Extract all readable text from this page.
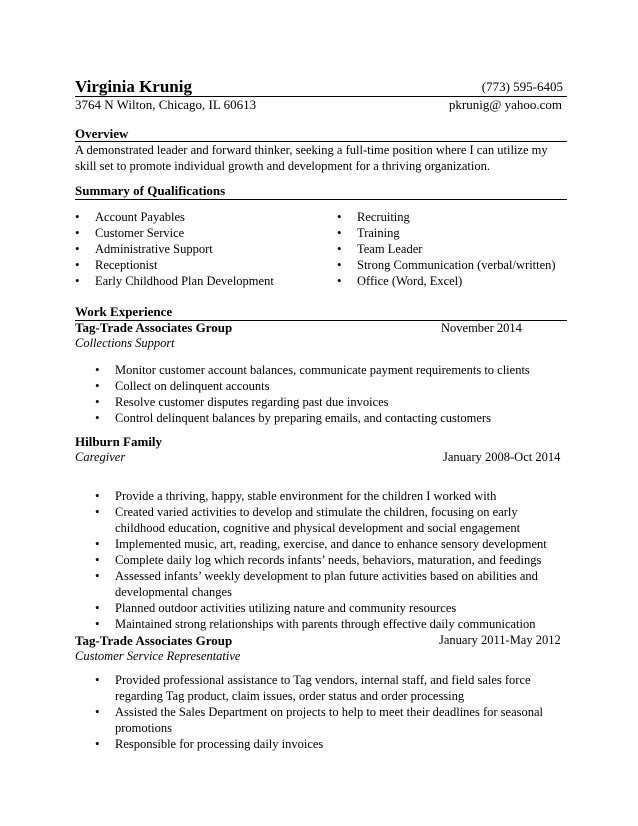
Virginia Krunig	(773) 595-6405
3764 N Wilton, Chicago, IL 60613	pkrunig@ yahoo.com
Overview
A demonstrated leader and forward thinker, seeking a full-time position where I can utilize my
skill set to promote individual growth and development for a thriving organization.
Summary of Qualifications
• Account Payables
• Customer Service
• Administrative Support
• Receptionist
• Early Childhood Plan Development
• Recruiting
• Training
• Team Leader
• Strong Communication (verbal/written)
• Office (Word, Excel)
Work Experience
Tag-Trade Associates Group	November 2014
Collections Support
• Monitor customer account balances, communicate payment requirements to clients
• Collect on delinquent accounts
• Resolve customer disputes regarding past due invoices
• Control delinquent balances by preparing emails, and contacting customers
Hilburn Family
Caregiver	January 2008-Oct 2014
• Provide a thriving, happy, stable environment for the children I worked with
• Created varied activities to develop and stimulate the children, focusing on early childhood education, cognitive and physical development and social engagement
• Implemented music, art, reading, exercise, and dance to enhance sensory development
• Complete daily log which records infants’ needs, behaviors, maturation, and feedings
• Assessed infants’ weekly development to plan future activities based on abilities and developmental changes
• Planned outdoor activities utilizing nature and community resources
• Maintained strong relationships with parents through effective daily communication
Tag-Trade Associates Group	January 2011-May 2012
Customer Service Representative
• Provided professional assistance to Tag vendors, internal staff, and field sales force regarding Tag product, claim issues, order status and order processing
• Assisted the Sales Department on projects to help to meet their deadlines for seasonal promotions
• Responsible for processing daily invoices
